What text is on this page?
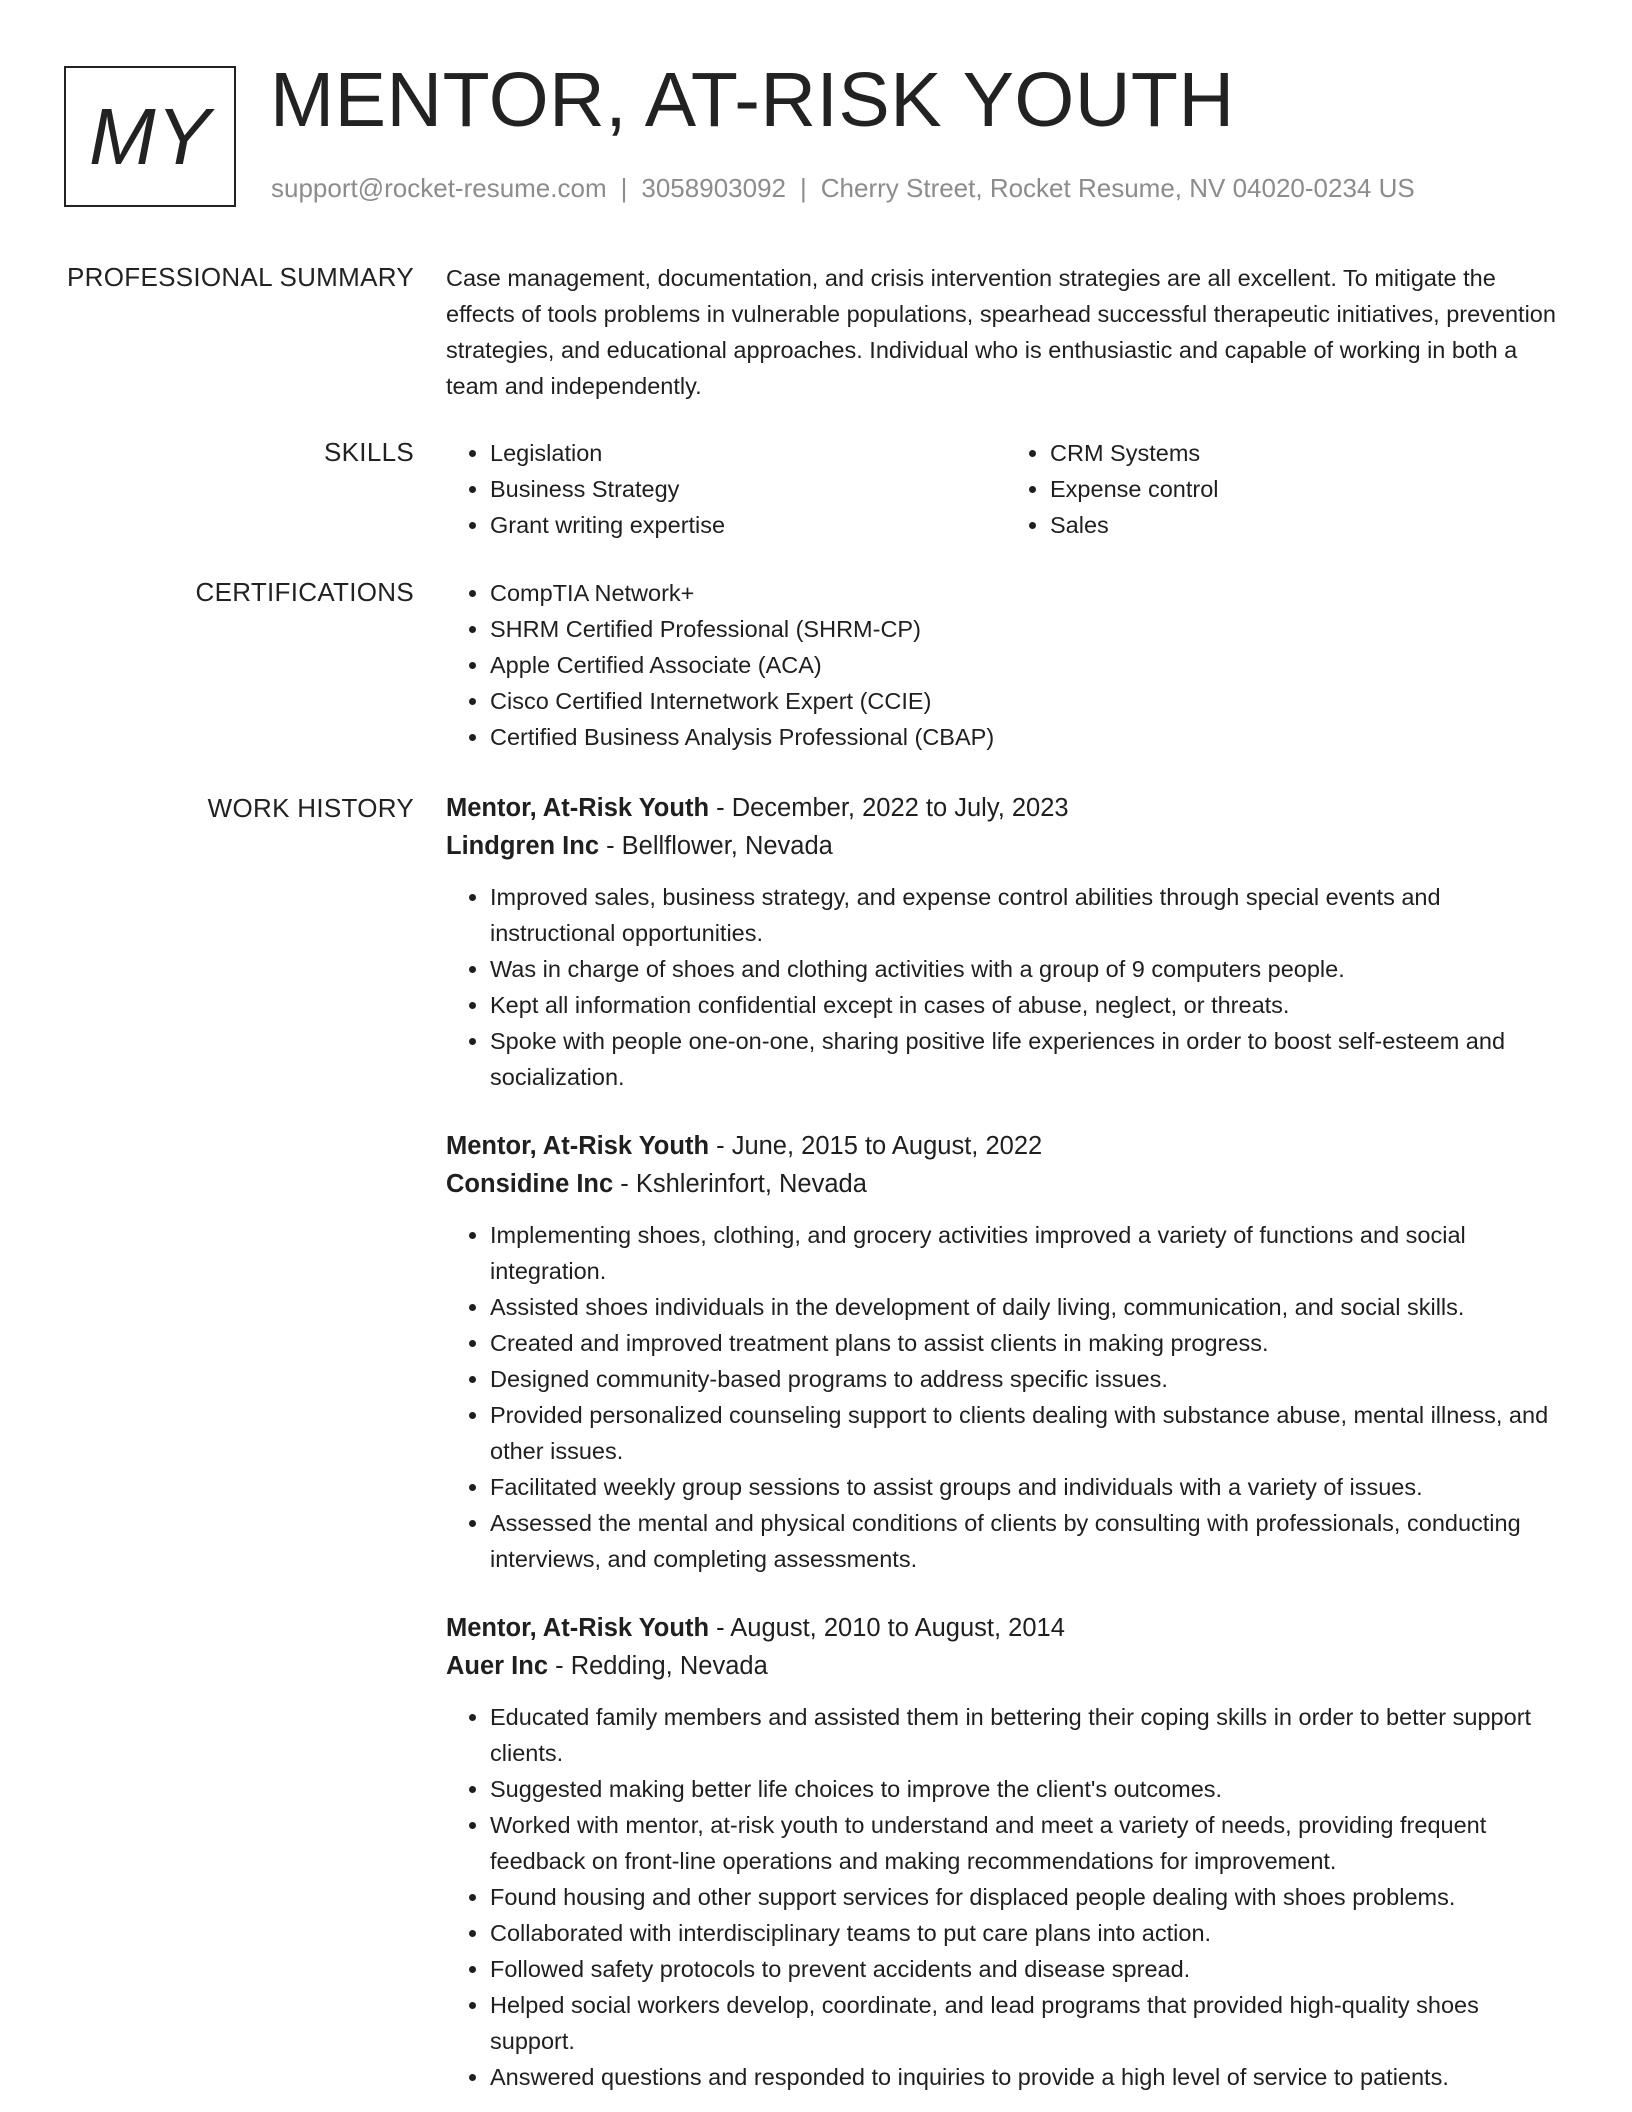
MY MENTOR, AT-RISK YOUTH
support@rocket-resume.com | 3058903092 | Cherry Street, Rocket Resume, NV 04020-0234 US
PROFESSIONAL SUMMARY Case management, documentation, and crisis intervention strategies are all excellent. To mitigate the effects of tools problems in vulnerable populations, spearhead successful therapeutic initiatives, prevention strategies, and educational approaches. Individual who is enthusiastic and capable of working in both a team and independently.

SKILLS	• Legislation
• Business Strategy
• Grant writing expertise
• CRM Systems
• Expense control
• Sales
CERTIFICATIONS	• CompTIA Network+
• SHRM Certified Professional (SHRM-CP)
• Apple Certified Associate (ACA)
• Cisco Certified Internetwork Expert (CCIE)
• Certified Business Analysis Professional (CBAP)
WORK HISTORY Mentor, At-Risk Youth - December, 2022 to July, 2023
Lindgren Inc - Bellflower, Nevada
• Improved sales, business strategy, and expense control abilities through special events and instructional opportunities.
• Was in charge of shoes and clothing activities with a group of 9 computers people.
• Kept all information confidential except in cases of abuse, neglect, or threats.
• Spoke with people one-on-one, sharing positive life experiences in order to boost self-esteem and socialization.
Mentor, At-Risk Youth - June, 2015 to August, 2022
Considine Inc - Kshlerinfort, Nevada
• Implementing shoes, clothing, and grocery activities improved a variety of functions and social integration.
• Assisted shoes individuals in the development of daily living, communication, and social skills.
• Created and improved treatment plans to assist clients in making progress.
• Designed community-based programs to address specific issues.
• Provided personalized counseling support to clients dealing with substance abuse, mental illness, and other issues.
• Facilitated weekly group sessions to assist groups and individuals with a variety of issues.
• Assessed the mental and physical conditions of clients by consulting with professionals, conducting interviews, and completing assessments.
Mentor, At-Risk Youth - August, 2010 to August, 2014
Auer Inc - Redding, Nevada
• Educated family members and assisted them in bettering their coping skills in order to better support clients.
• Suggested making better life choices to improve the client's outcomes.
• Worked with mentor, at-risk youth to understand and meet a variety of needs, providing frequent feedback on front-line operations and making recommendations for improvement.
• Found housing and other support services for displaced people dealing with shoes problems.
• Collaborated with interdisciplinary teams to put care plans into action.
• Followed safety protocols to prevent accidents and disease spread.
• Helped social workers develop, coordinate, and lead programs that provided high-quality shoes support.
• Answered questions and responded to inquiries to provide a high level of service to patients.
